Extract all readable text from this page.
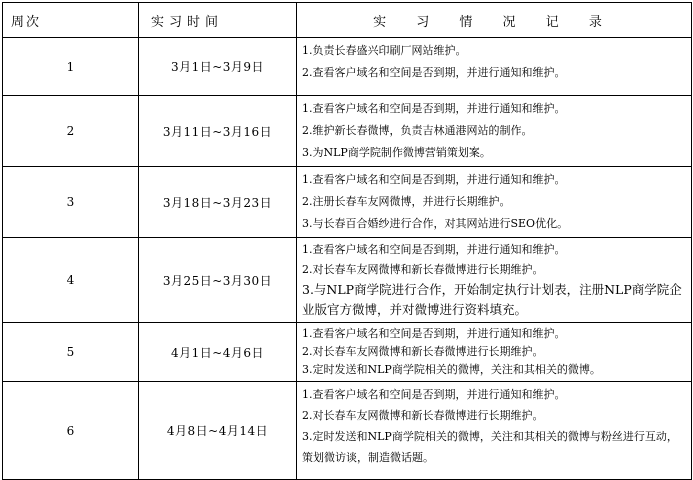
周次	实习时间	实 习 情 况 记 录
1	3月1日~3月9日	1.负责长春盛兴印刷厂网站维护。
2.查看客户域名和空间是否到期，并进行通知和维护。

2	3月11日~3月16日	1.查看客户域名和空间是否到期，并进行通知和维护。
2.维护新长春微博，负责吉林通港网站的制作。
3.为NLP商学院制作微博营销策划案。

3	3月18日~3月23日	1.查看客户域名和空间是否到期，并进行通知和维护。
2.注册长春车友网微博，并进行长期维护。
3.与长春百合婚纱进行合作，对其网站进行SEO优化。

4	3月25日~3月30日	1.查看客户域名和空间是否到期，并进行通知和维护。
2.对长春车友网微博和新长春微博进行长期维护。
3.与NLP商学院进行合作，开始制定执行计划表，注册NLP商学院企业版官方微博，并对微博进行资料填充。

5	4月1日~4月6日	1.查看客户域名和空间是否到期，并进行通知和维护。
2.对长春车友网微博和新长春微博进行长期维护。
3.定时发送和NLP商学院相关的微博，关注和其相关的微博。

6	4月8日~4月14日	1.查看客户域名和空间是否到期，并进行通知和维护。
2.对长春车友网微博和新长春微博进行长期维护。
3.定时发送和NLP商学院相关的微博，关注和其相关的微博与粉丝进行互动，策划微访谈，制造微话题。
